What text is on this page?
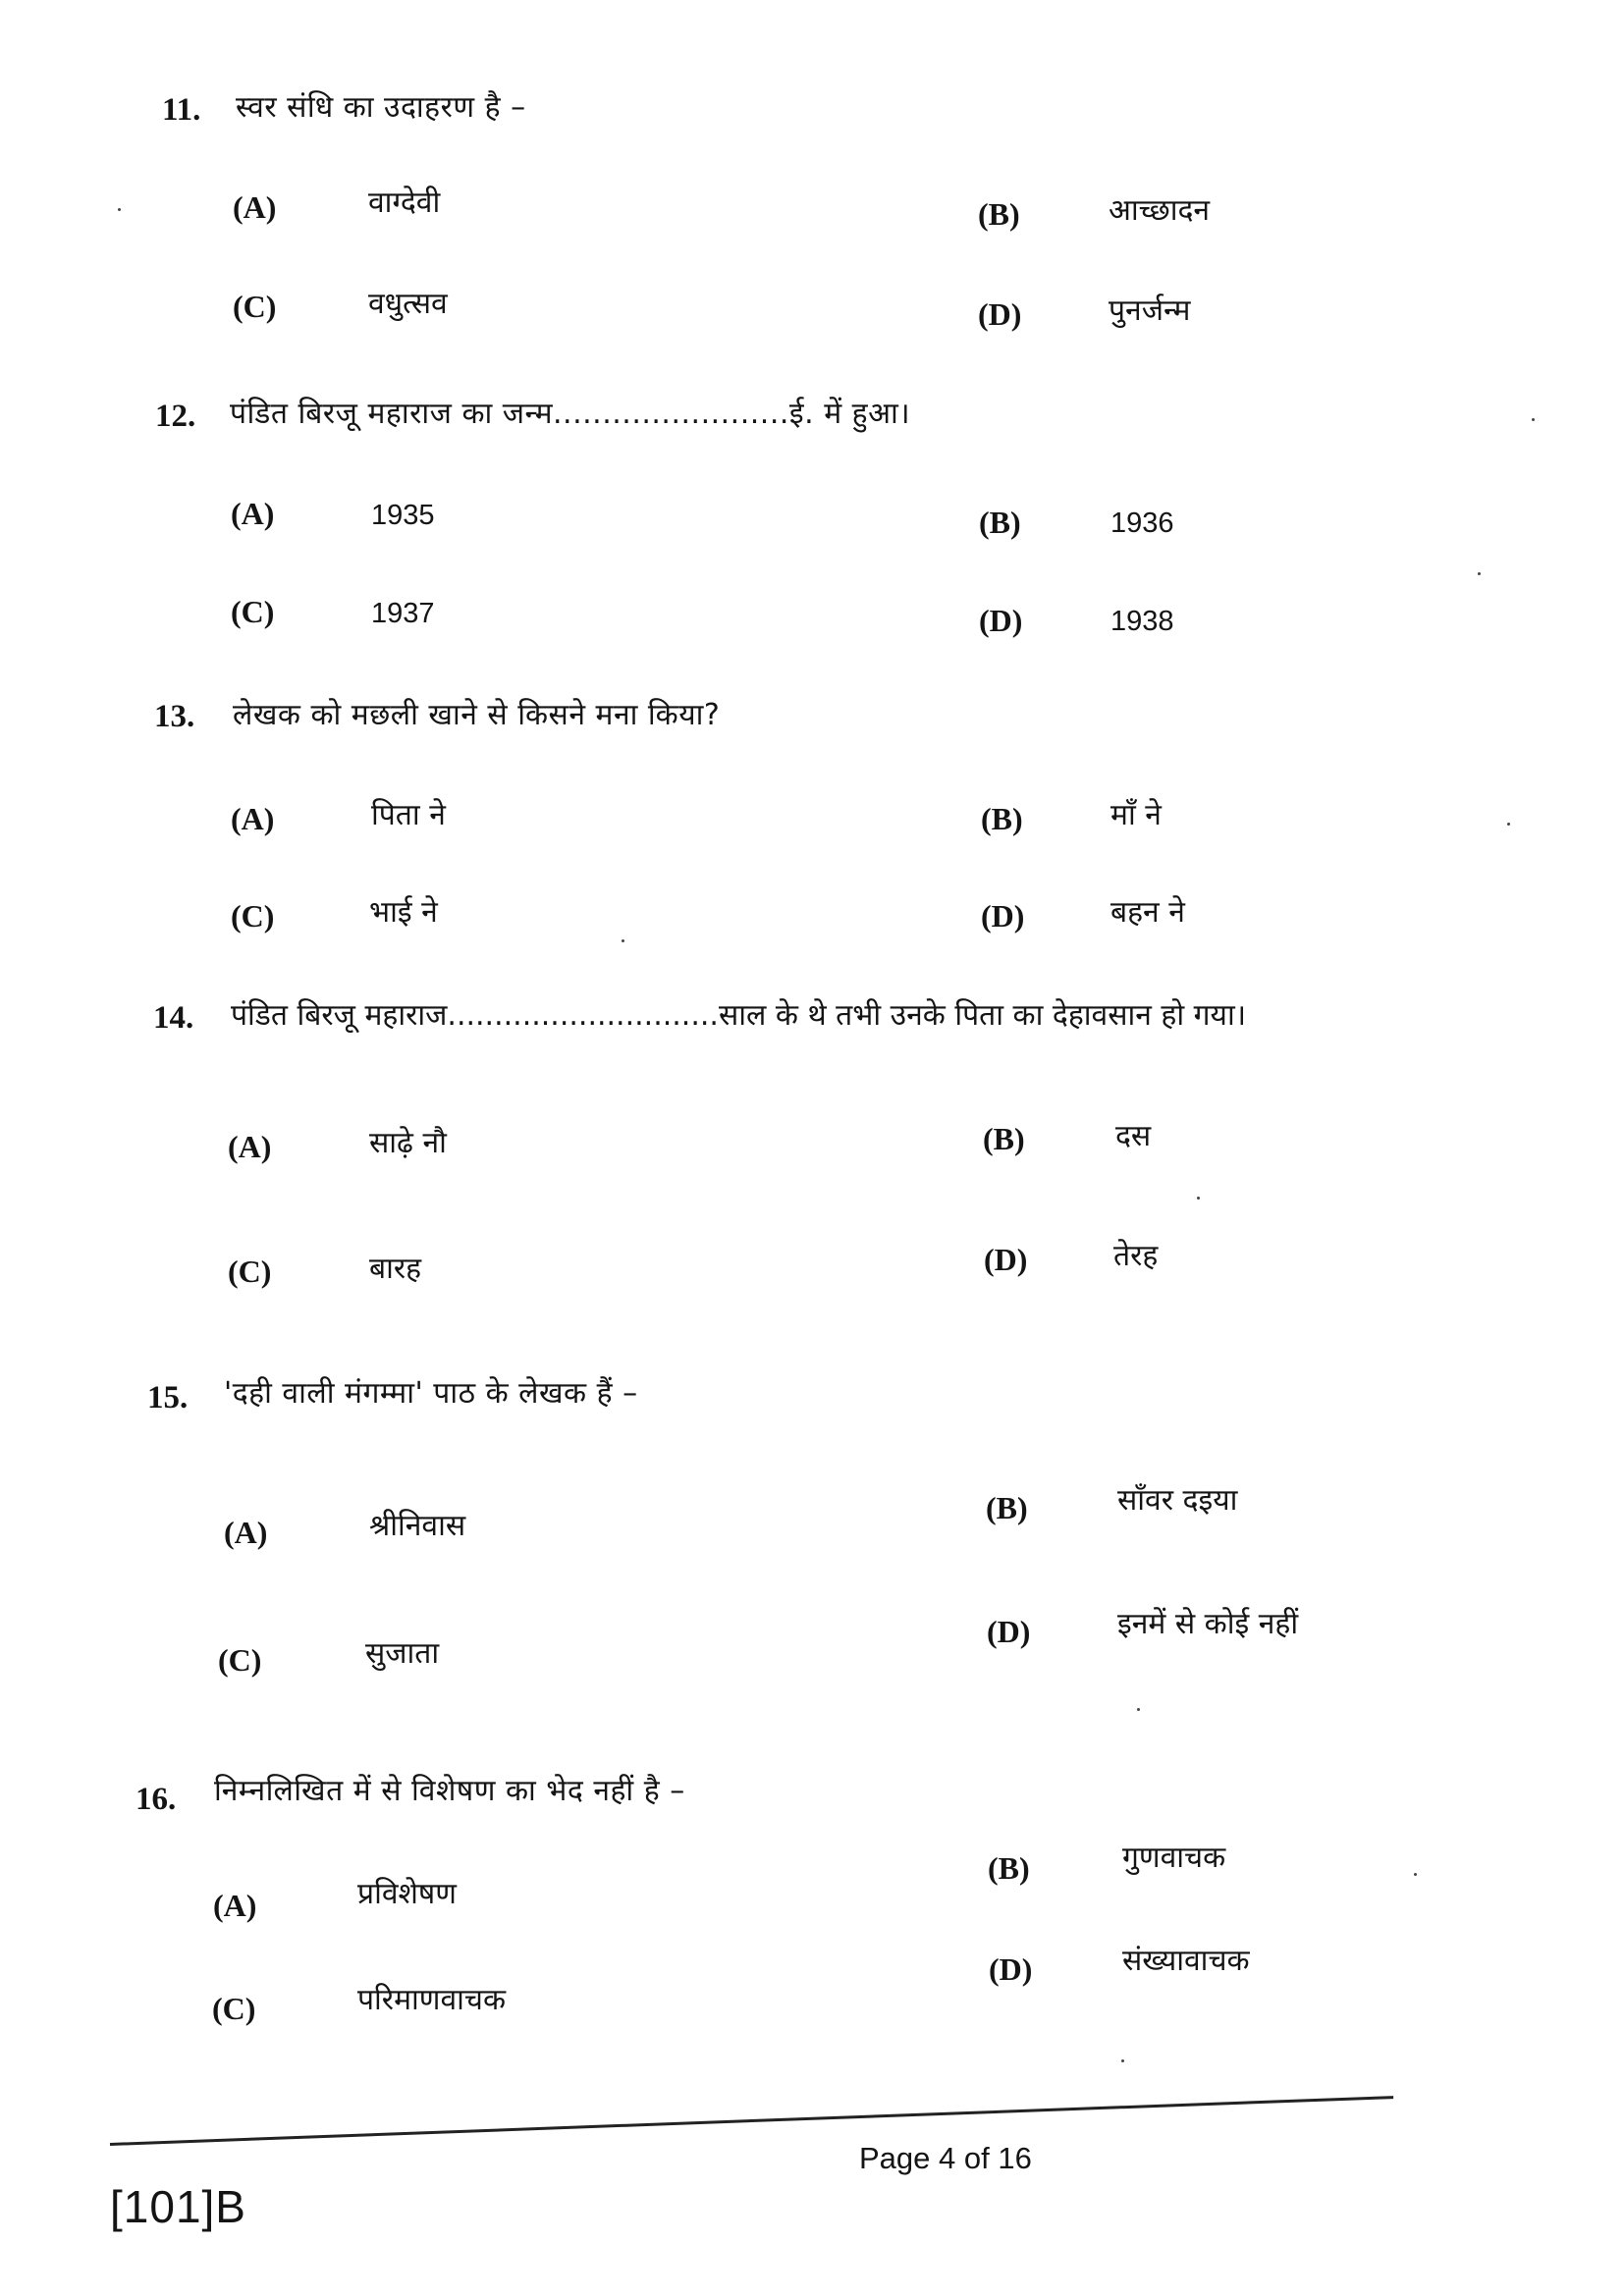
11. स्वर संधि का उदाहरण है –
(A)	वाग्देवी	(B)	आच्छादन
(C)	वधुत्सव	(D)	पुनर्जन्म
12. पंडित बिरजू महाराज का जन्म........................ई. में हुआ।
(A)	1935	(B)	1936
(C)	1937	(D)	1938
13. लेखक को मछली खाने से किसने मना किया?
(A)	पिता ने	(B)	माँ ने
(C)	भाई ने	(D)	बहन ने
14. पंडित बिरजू महाराज.............................साल के थे तभी उनके पिता का देहावसान हो गया।
(A)	साढ़े नौ	(B)	दस
(C)	बारह	(D)	तेरह
15. 'दही वाली मंगम्मा' पाठ के लेखक हैं –
(A)	श्रीनिवास
(B)	साँवर दइया
(C)	सुजाता
(D)	इनमें से कोई नहीं
16. निम्नलिखित में से विशेषण का भेद नहीं है –
(A)	प्रविशेषण
(B)	गुणवाचक
(C)	परिमाणवाचक
(D)	संख्यावाचक
Page 4 of 16
[101]B
